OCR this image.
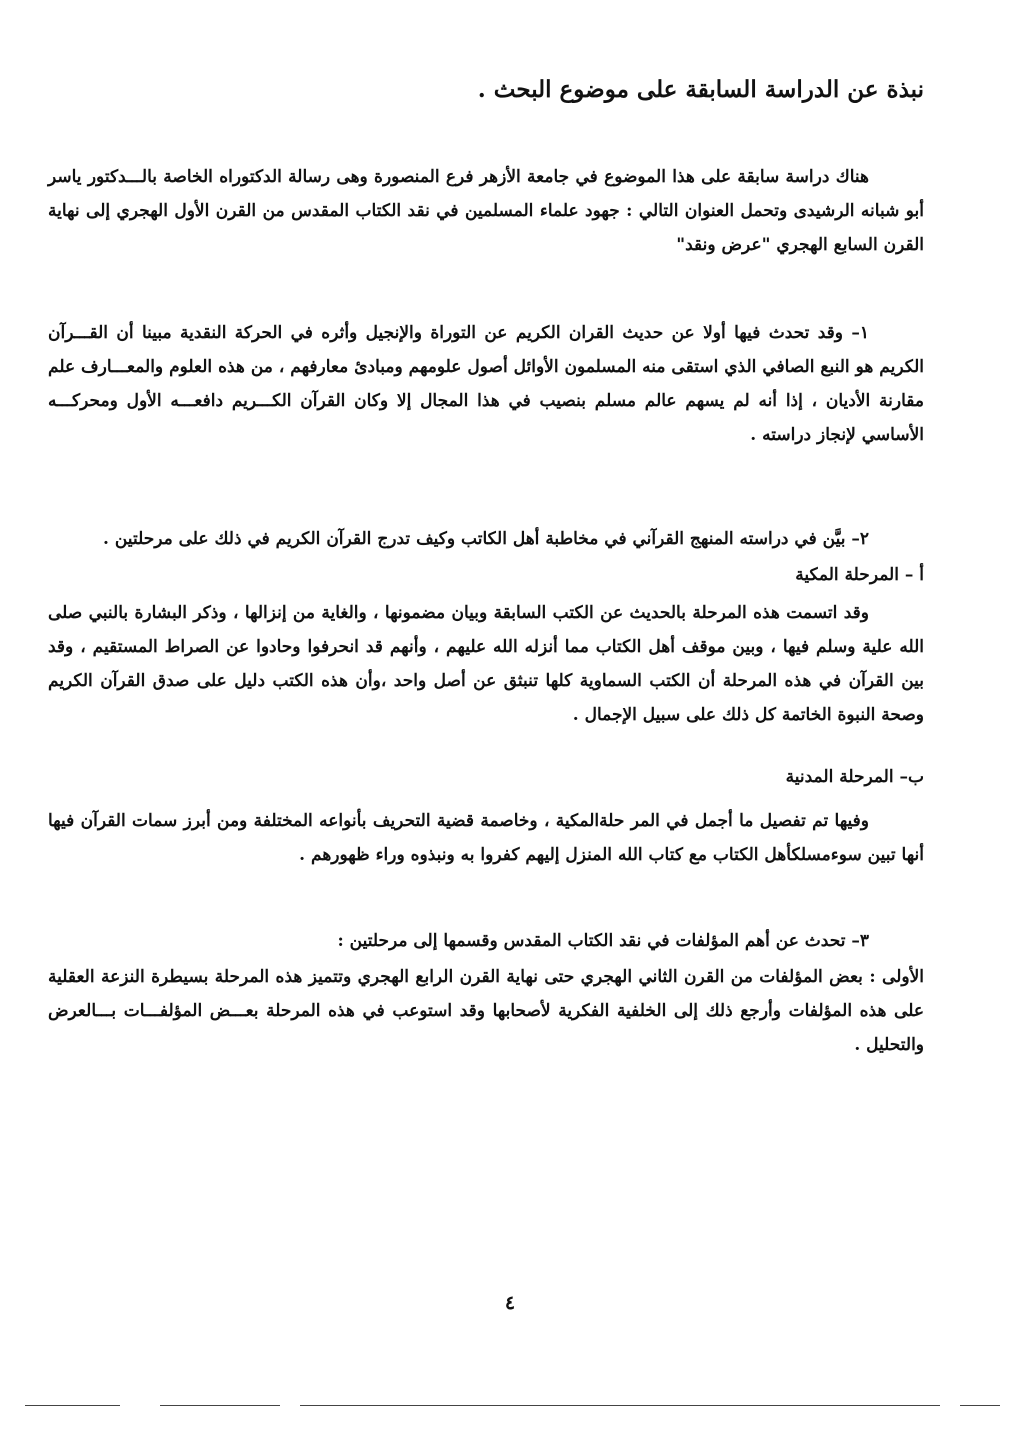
نبذة عن الدراسة السابقة على موضوع البحث .
هناك دراسة سابقة على هذا الموضوع في جامعة الأزهر فرع المنصورة وهى رسالة الدكتوراه الخاصة بالـــدكتور ياسر أبو شبانه الرشيدى وتحمل العنوان التالي : جهود علماء المسلمين في نقد الكتاب المقدس من القرن الأول الهجري إلى نهاية القرن السابع الهجري "عرض ونقد"
١– وقد تحدث فيها أولا عن حديث القران الكريم عن التوراة والإنجيل وأثره في الحركة النقدية مبينا أن القـــرآن الكريم هو النبع الصافي الذي استقى منه المسلمون الأوائل أصول علومهم ومبادئ معارفهم ، من هذه العلوم والمعـــارف علم مقارنة الأديان ، إذا أنه لم يسهم عالم مسلم بنصيب في هذا المجال إلا وكان القرآن الكـــريم دافعـــه الأول ومحركـــه الأساسي لإنجاز دراسته .
٢– بيَّن في دراسته المنهج القرآني في مخاطبة أهل الكاتب وكيف تدرج القرآن الكريم في ذلك على مرحلتين .
أ – المرحلة المكية
وقد اتسمت هذه المرحلة بالحديث عن الكتب السابقة وبيان مضمونها ، والغاية من إنزالها ، وذكر البشارة بالنبي صلى الله علية وسلم فيها ، وبين موقف أهل الكتاب مما أنزله الله عليهم ، وأنهم قد انحرفوا وحادوا عن الصراط المستقيم ، وقد بين القرآن في هذه المرحلة أن الكتب السماوية كلها تنبثق عن أصل واحد ،وأن هذه الكتب دليل على صدق القرآن الكريم وصحة النبوة الخاتمة كل ذلك على سبيل الإجمال .
ب– المرحلة المدنية
وفيها تم تفصيل ما أجمل في المر حلةالمكية ، وخاصمة قضية التحريف بأنواعه المختلفة ومن أبرز سمات القرآن فيها أنها تبين سوءمسلكأهل الكتاب مع كتاب الله المنزل إليهم كفروا به ونبذوه وراء ظهورهم .
٣– تحدث عن أهم المؤلفات في نقد الكتاب المقدس وقسمها إلى مرحلتين :
الأولى : بعض المؤلفات من القرن الثاني الهجري حتى نهاية القرن الرابع الهجري وتتميز هذه المرحلة بسيطرة النزعة العقلية على هذه المؤلفات وأرجع ذلك إلى الخلفية الفكرية لأصحابها وقد استوعب في هذه المرحلة بعـــض المؤلفـــات بـــالعرض والتحليل .
٤
